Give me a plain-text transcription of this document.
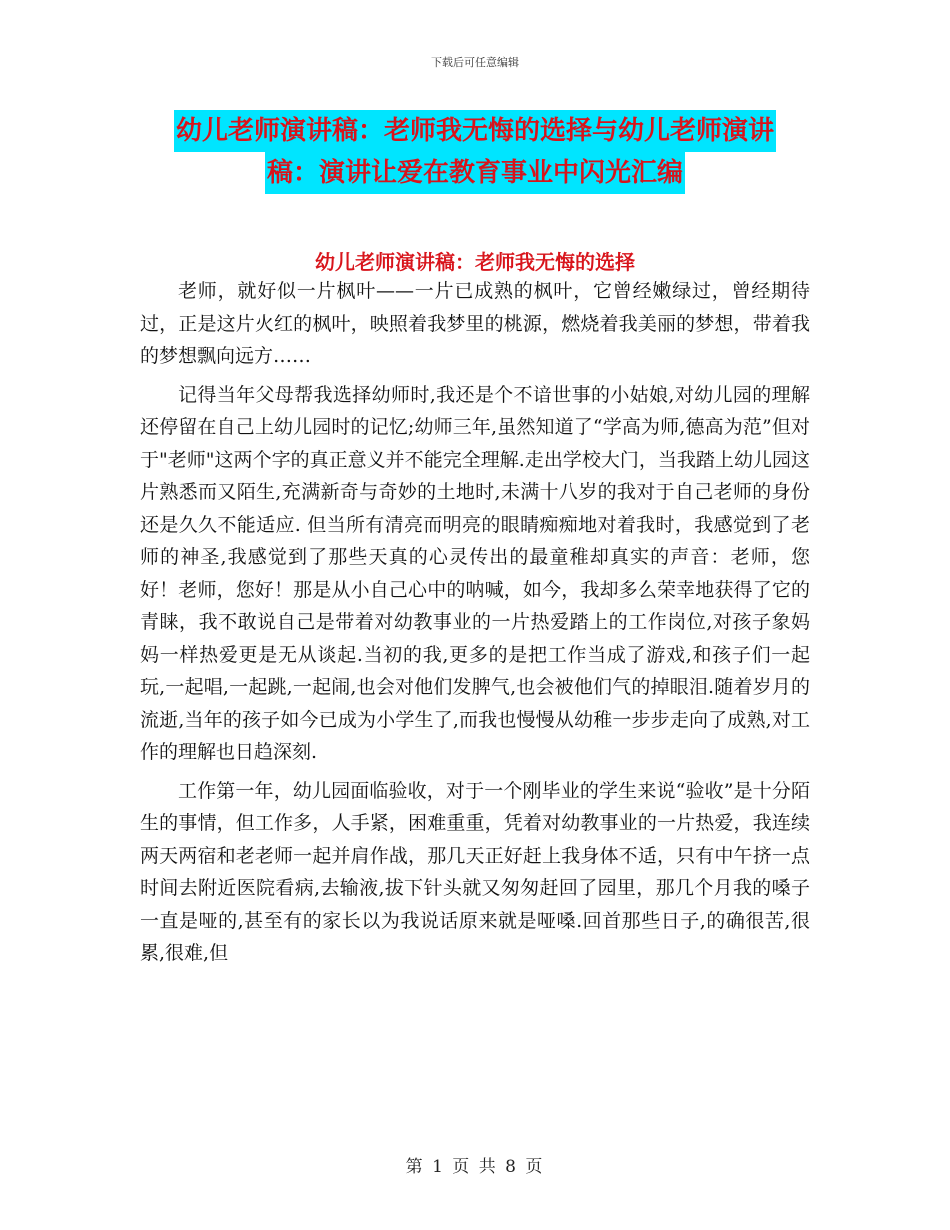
下载后可任意编辑
幼儿老师演讲稿：老师我无悔的选择与幼儿老师演讲
稿：演讲让爱在教育事业中闪光汇编
幼儿老师演讲稿：老师我无悔的选择

老师，就好似一片枫叶——一片已成熟的枫叶，它曾经嫩绿过，曾经期待过，正是这片火红的枫叶，映照着我梦里的桃源，燃烧着我美丽的梦想，带着我的梦想飘向远方……

记得当年父母帮我选择幼师时,我还是个不谙世事的小姑娘,对幼儿园的理解还停留在自己上幼儿园时的记忆;幼师三年,虽然知道了“学高为师,德高为范”但对于"老师"这两个字的真正意义并不能完全理解.走出学校大门，当我踏上幼儿园这片熟悉而又陌生,充满新奇与奇妙的土地时,未满十八岁的我对于自己老师的身份还是久久不能适应. 但当所有清亮而明亮的眼睛痴痴地对着我时，我感觉到了老师的神圣,我感觉到了那些天真的心灵传出的最童稚却真实的声音：老师，您好！老师，您好！那是从小自己心中的呐喊，如今，我却多么荣幸地获得了它的青睐，我不敢说自己是带着对幼教事业的一片热爱踏上的工作岗位,对孩子象妈妈一样热爱更是无从谈起.当初的我,更多的是把工作当成了游戏,和孩子们一起玩,一起唱,一起跳,一起闹,也会对他们发脾气,也会被他们气的掉眼泪.随着岁月的流逝,当年的孩子如今已成为小学生了,而我也慢慢从幼稚一步步走向了成熟,对工作的理解也日趋深刻.

工作第一年，幼儿园面临验收，对于一个刚毕业的学生来说“验收”是十分陌生的事情，但工作多，人手紧，困难重重，凭着对幼教事业的一片热爱，我连续两天两宿和老老师一起并肩作战，那几天正好赶上我身体不适，只有中午挤一点时间去附近医院看病,去输液,拔下针头就又匆匆赶回了园里，那几个月我的嗓子一直是哑的,甚至有的家长以为我说话原来就是哑嗓.回首那些日子,的确很苦,很累,很难,但

第 1 页 共 8 页
